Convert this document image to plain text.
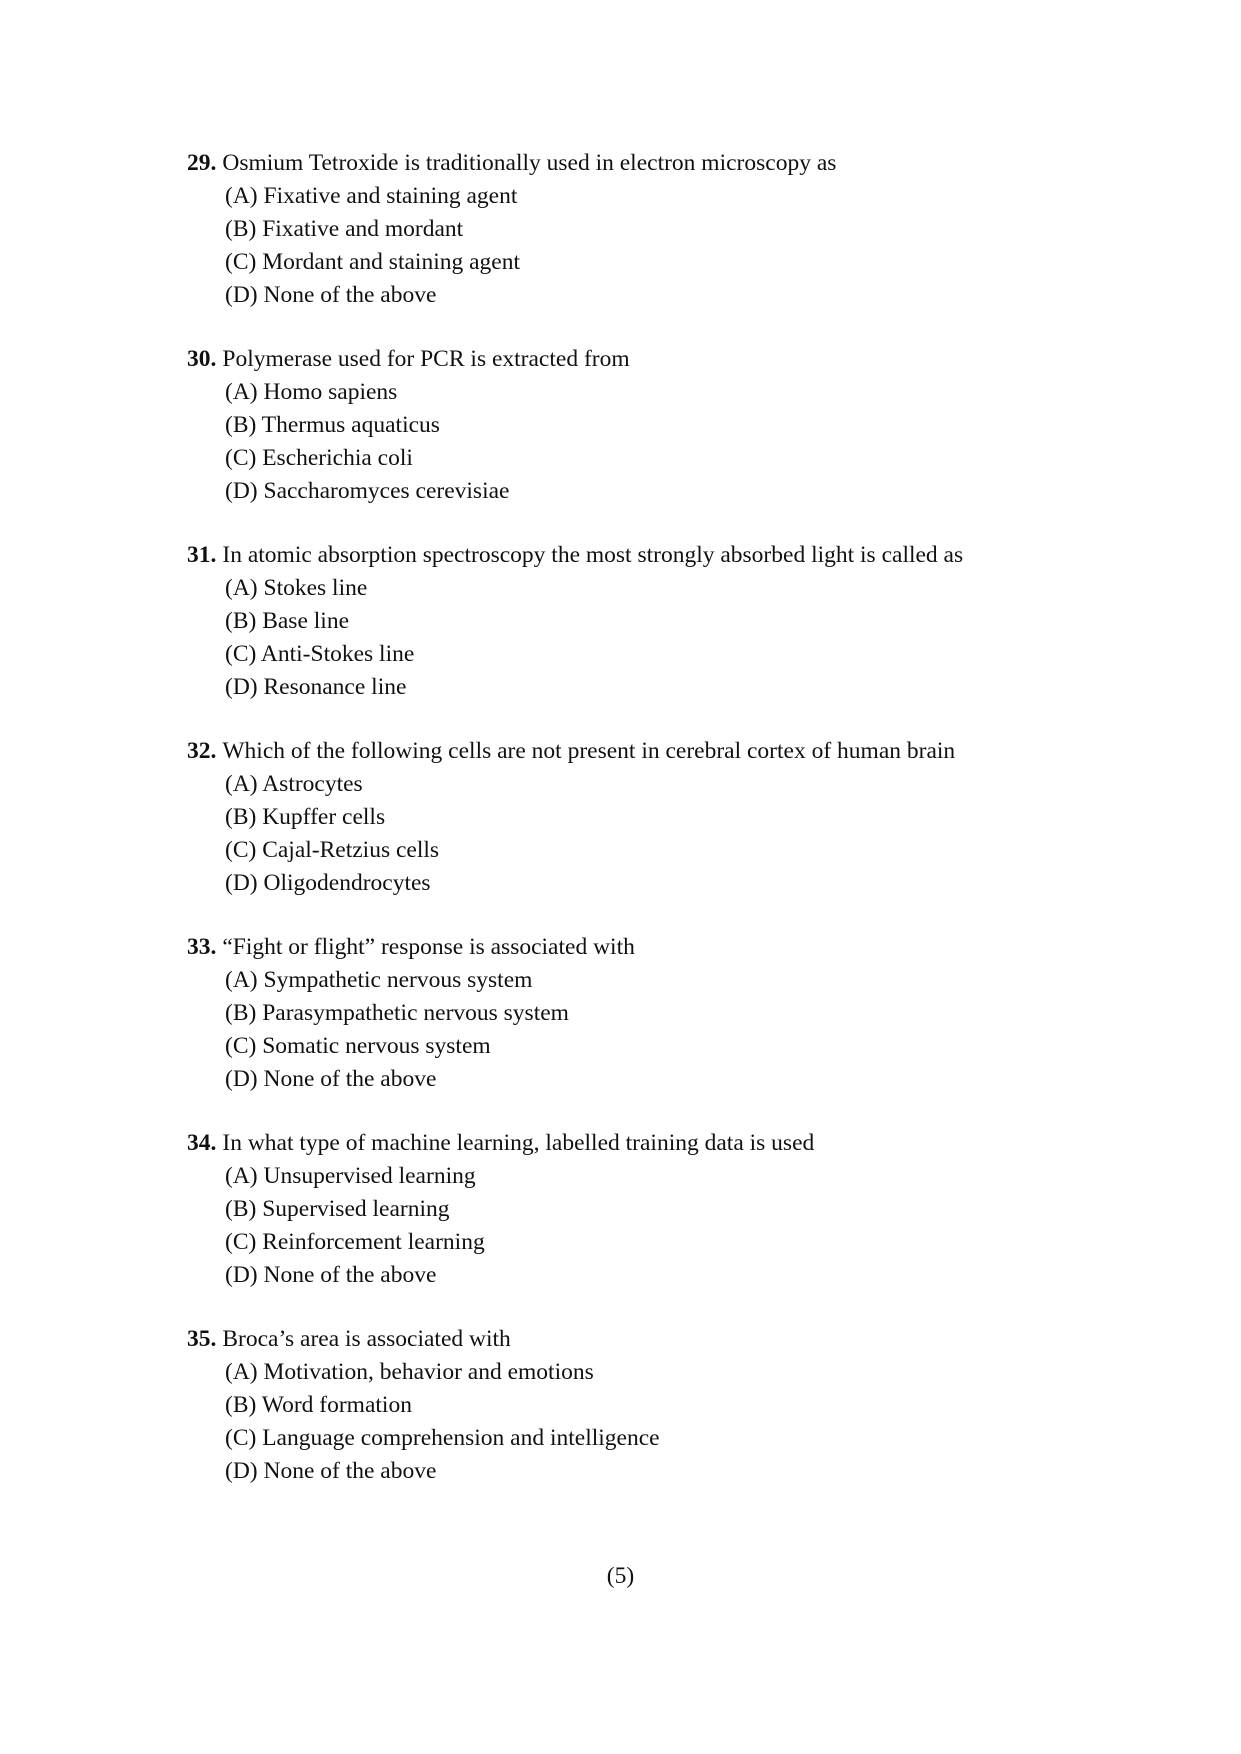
29. Osmium Tetroxide is traditionally used in electron microscopy as

(A) Fixative and staining agent
(B) Fixative and mordant
(C) Mordant and staining agent
(D) None of the above

30. Polymerase used for PCR is extracted from

(A) Homo sapiens
(B) Thermus aquaticus
(C) Escherichia coli
(D) Saccharomyces cerevisiae

31. In atomic absorption spectroscopy the most strongly absorbed light is called as

(A) Stokes line
(B) Base line
(C) Anti-Stokes line
(D) Resonance line

32. Which of the following cells are not present in cerebral cortex of human brain

(A) Astrocytes
(B) Kupffer cells
(C) Cajal-Retzius cells
(D) Oligodendrocytes

33. “Fight or flight” response is associated with

(A) Sympathetic nervous system
(B) Parasympathetic nervous system
(C) Somatic nervous system
(D) None of the above

34. In what type of machine learning, labelled training data is used

(A) Unsupervised learning
(B) Supervised learning
(C) Reinforcement learning
(D) None of the above

35. Broca’s area is associated with

(A) Motivation, behavior and emotions
(B) Word formation
(C) Language comprehension and intelligence
(D) None of the above
(5)
